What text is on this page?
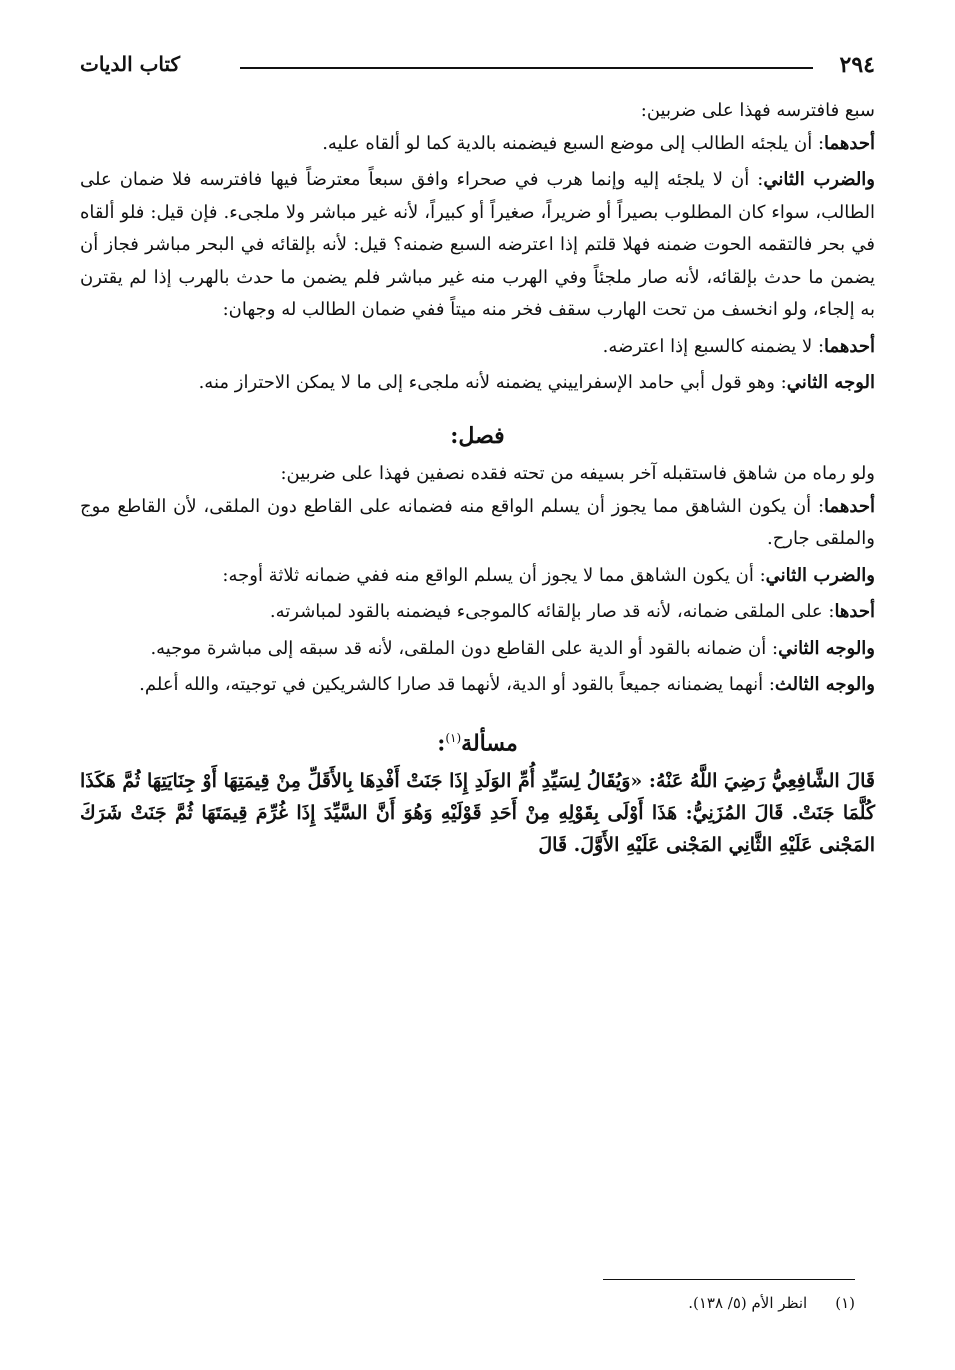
٢٩٤
كتاب الديات

سبع فافترسه فهذا على ضربين:

أحدهما: أن يلجئه الطالب إلى موضع السبع فيضمنه بالدية كما لو ألقاه عليه.

والضرب الثاني: أن لا يلجئه إليه وإنما هرب في صحراء وافق سبعاً معترضاً فيها فافترسه فلا ضمان على الطالب، سواء كان المطلوب بصيراً أو ضريراً، صغيراً أو كبيراً، لأنه غير مباشر ولا ملجىء. فإن قيل: فلو ألقاه في بحر فالتقمه الحوت ضمنه فهلا قلتم إذا اعترضه السبع ضمنه؟ قيل: لأنه بإلقائه في البحر مباشر فجاز أن يضمن ما حدث بإلقائه، لأنه صار ملجئاً وفي الهرب منه غير مباشر فلم يضمن ما حدث بالهرب إذا لم يقترن به إلجاء، ولو انخسف من تحت الهارب سقف فخر منه ميتاً ففي ضمان الطالب له وجهان:

أحدهما: لا يضمنه كالسبع إذا اعترضه.

الوجه الثاني: وهو قول أبي حامد الإسفراييني يضمنه لأنه ملجىء إلى ما لا يمكن الاحتراز منه.

فصل:

ولو رماه من شاهق فاستقبله آخر بسيفه من تحته فقده نصفين فهذا على ضربين:

أحدهما: أن يكون الشاهق مما يجوز أن يسلم الواقع منه فضمانه على القاطع دون الملقى، لأن القاطع موج والملقى جارح.

والضرب الثاني: أن يكون الشاهق مما لا يجوز أن يسلم الواقع منه ففي ضمانه ثلاثة أوجه:

أحدها: على الملقى ضمانه، لأنه قد صار بإلقائه كالموجىء فيضمنه بالقود لمباشرته.

والوجه الثاني: أن ضمانه بالقود أو الدية على القاطع دون الملقى، لأنه قد سبقه إلى مباشرة موجيه.

والوجه الثالث: أنهما يضمنانه جميعاً بالقود أو الدية، لأنهما قد صارا كالشريكين في توجيته، والله أعلم.

مسألة$^{(١)}$:

قَالَ الشَّافِعِيُّ رَضِيَ اللَّهُ عَنْهُ: «وَيُقَالُ لِسَيِّدِ أُمِّ الوَلَدِ إِذَا جَنَتْ أَفْدِهَا بِالأَقَلِّ مِنْ قِيمَتِهَا أَوْ جِنَايَتِهَا ثُمَّ هَكَذَا كُلَّمَا جَنَتْ. قَالَ المُزَنِيُّ: هَذَا أَوْلَى بِقَوْلِهِ مِنْ أَحَدِ قَوْلَيْهِ وَهُوَ أَنَّ السَّيِّدَ إِذَا غُرِّمَ قِيمَتَهَا ثُمَّ جَنَتْ شَرَكَ المَجْنى عَلَيْهِ الثَّانِي المَجْنى عَلَيْهِ الأَوَّلَ. قَالَ

(١)انظر الأم (٥/ ١٣٨).
